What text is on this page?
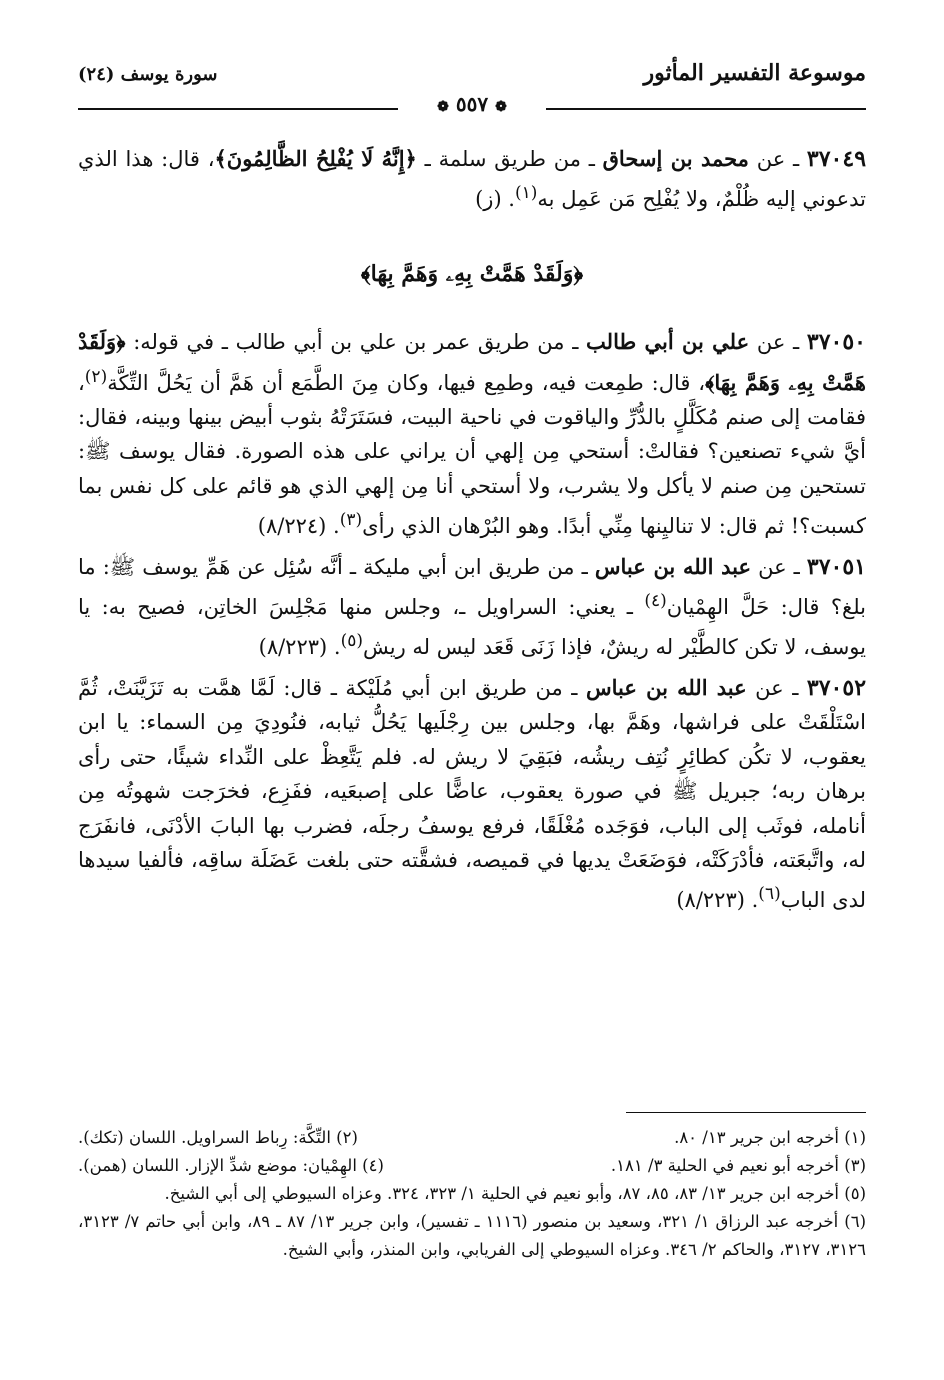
موسوعة التفسير المأثور
سورة يوسف (٢٤)
❁ ٥٥٧ ❁

٣٧٠٤٩ ـ عن محمد بن إسحاق ـ من طريق سلمة ـ ﴿إِنَّهُ لَا يُفْلِحُ الظَّالِمُونَ﴾، قال: هذا الذي تدعوني إليه ظُلْمٌ، ولا يُفْلِح مَن عَمِل به$^{(١)}$. (ز)

﴿وَلَقَدْ هَمَّتْ بِهِۦ وَهَمَّ بِهَا﴾

٣٧٠٥٠ ـ عن علي بن أبي طالب ـ من طريق عمر بن علي بن أبي طالب ـ في قوله: ﴿وَلَقَدْ هَمَّتْ بِهِۦ وَهَمَّ بِهَا﴾، قال: طمِعت فيه، وطمِع فيها، وكان مِنَ الطَّمَع أن هَمَّ أن يَحُلَّ التِّكَّة$^{(٢)}$، فقامت إلى صنم مُكَلَّلٍ بالدُّرِّ والياقوت في ناحية البيت، فسَتَرَتْهُ بثوب أبيض بينها وبينه، فقال: أيَّ شيء تصنعين؟ فقالتْ: أستحي مِن إلهي أن يراني على هذه الصورة. فقال يوسف ﷺ: تستحين مِن صنم لا يأكل ولا يشرب، ولا أستحي أنا مِن إلهي الذي هو قائم على كل نفس بما كسبت؟! ثم قال: لا تناليِنها مِنِّي أبدًا. وهو البُرْهان الذي رأى$^{(٣)}$. (٨/٢٢٤)

٣٧٠٥١ ـ عن عبد الله بن عباس ـ من طريق ابن أبي مليكة ـ أنَّه سُئِل عن هَمِّ يوسف ﷺ: ما بلغ؟ قال: حَلَّ الهِمْيان$^{(٤)}$ ـ يعني: السراويل ـ، وجلس منها مَجْلِسَ الخاتِن، فصيح به: يا يوسف، لا تكن كالطَّيْر له ريشٌ، فإذا زَنَى قَعَد ليس له ريش$^{(٥)}$. (٨/٢٢٣)

٣٧٠٥٢ ـ عن عبد الله بن عباس ـ من طريق ابن أبي مُلَيْكة ـ قال: لَمَّا همَّت به تَزَيَّنَتْ، ثُمَّ اسْتَلْقَتْ على فراشها، وهَمَّ بها، وجلس بين رِجْلَيها يَحُلُّ ثيابه، فنُودِيَ مِن السماء: يا ابن يعقوب، لا تكُن كطائِرٍ نُتِف ريشُه، فبَقِيَ لا ريش له. فلم يَتَّعِظْ على النِّداء شيئًا، حتى رأى برهان ربه؛ جبريل ﷺ في صورة يعقوب، عاضًّا على إصبعَيه، ففَزِع، فخرَجت شهوتُه مِن أنامله، فوثَب إلى الباب، فوَجَده مُغْلَقًا، فرفع يوسفُ رجلَه، فضرب بها البابَ الأدْنَى، فانفَرَج له، واتَّبعَته، فأدْرَكَتْه، فوَضَعَتْ يديها في قميصه، فشقَّته حتى بلغت عَضَلَة ساقِه، فألفيا سيدها لدى الباب$^{(٦)}$. (٨/٢٢٣)

(١) أخرجه ابن جرير ١٣/ ٨٠.
(٢) التِّكَّة: رِباط السراويل. اللسان (تكك).
(٣) أخرجه أبو نعيم في الحلية ٣/ ١٨١.
(٤) الهِمْيان: موضع شدِّ الإزار. اللسان (همن).
(٥) أخرجه ابن جرير ١٣/ ٨٣، ٨٥، ٨٧، وأبو نعيم في الحلية ١/ ٣٢٣، ٣٢٤. وعزاه السيوطي إلى أبي الشيخ.
(٦) أخرجه عبد الرزاق ١/ ٣٢١، وسعيد بن منصور (١١١٦ ـ تفسير)، وابن جرير ١٣/ ٨٧ ـ ٨٩، وابن أبي حاتم ٧/ ٣١٢٣، ٣١٢٦، ٣١٢٧، والحاكم ٢/ ٣٤٦. وعزاه السيوطي إلى الفريابي، وابن المنذر، وأبي الشيخ.
